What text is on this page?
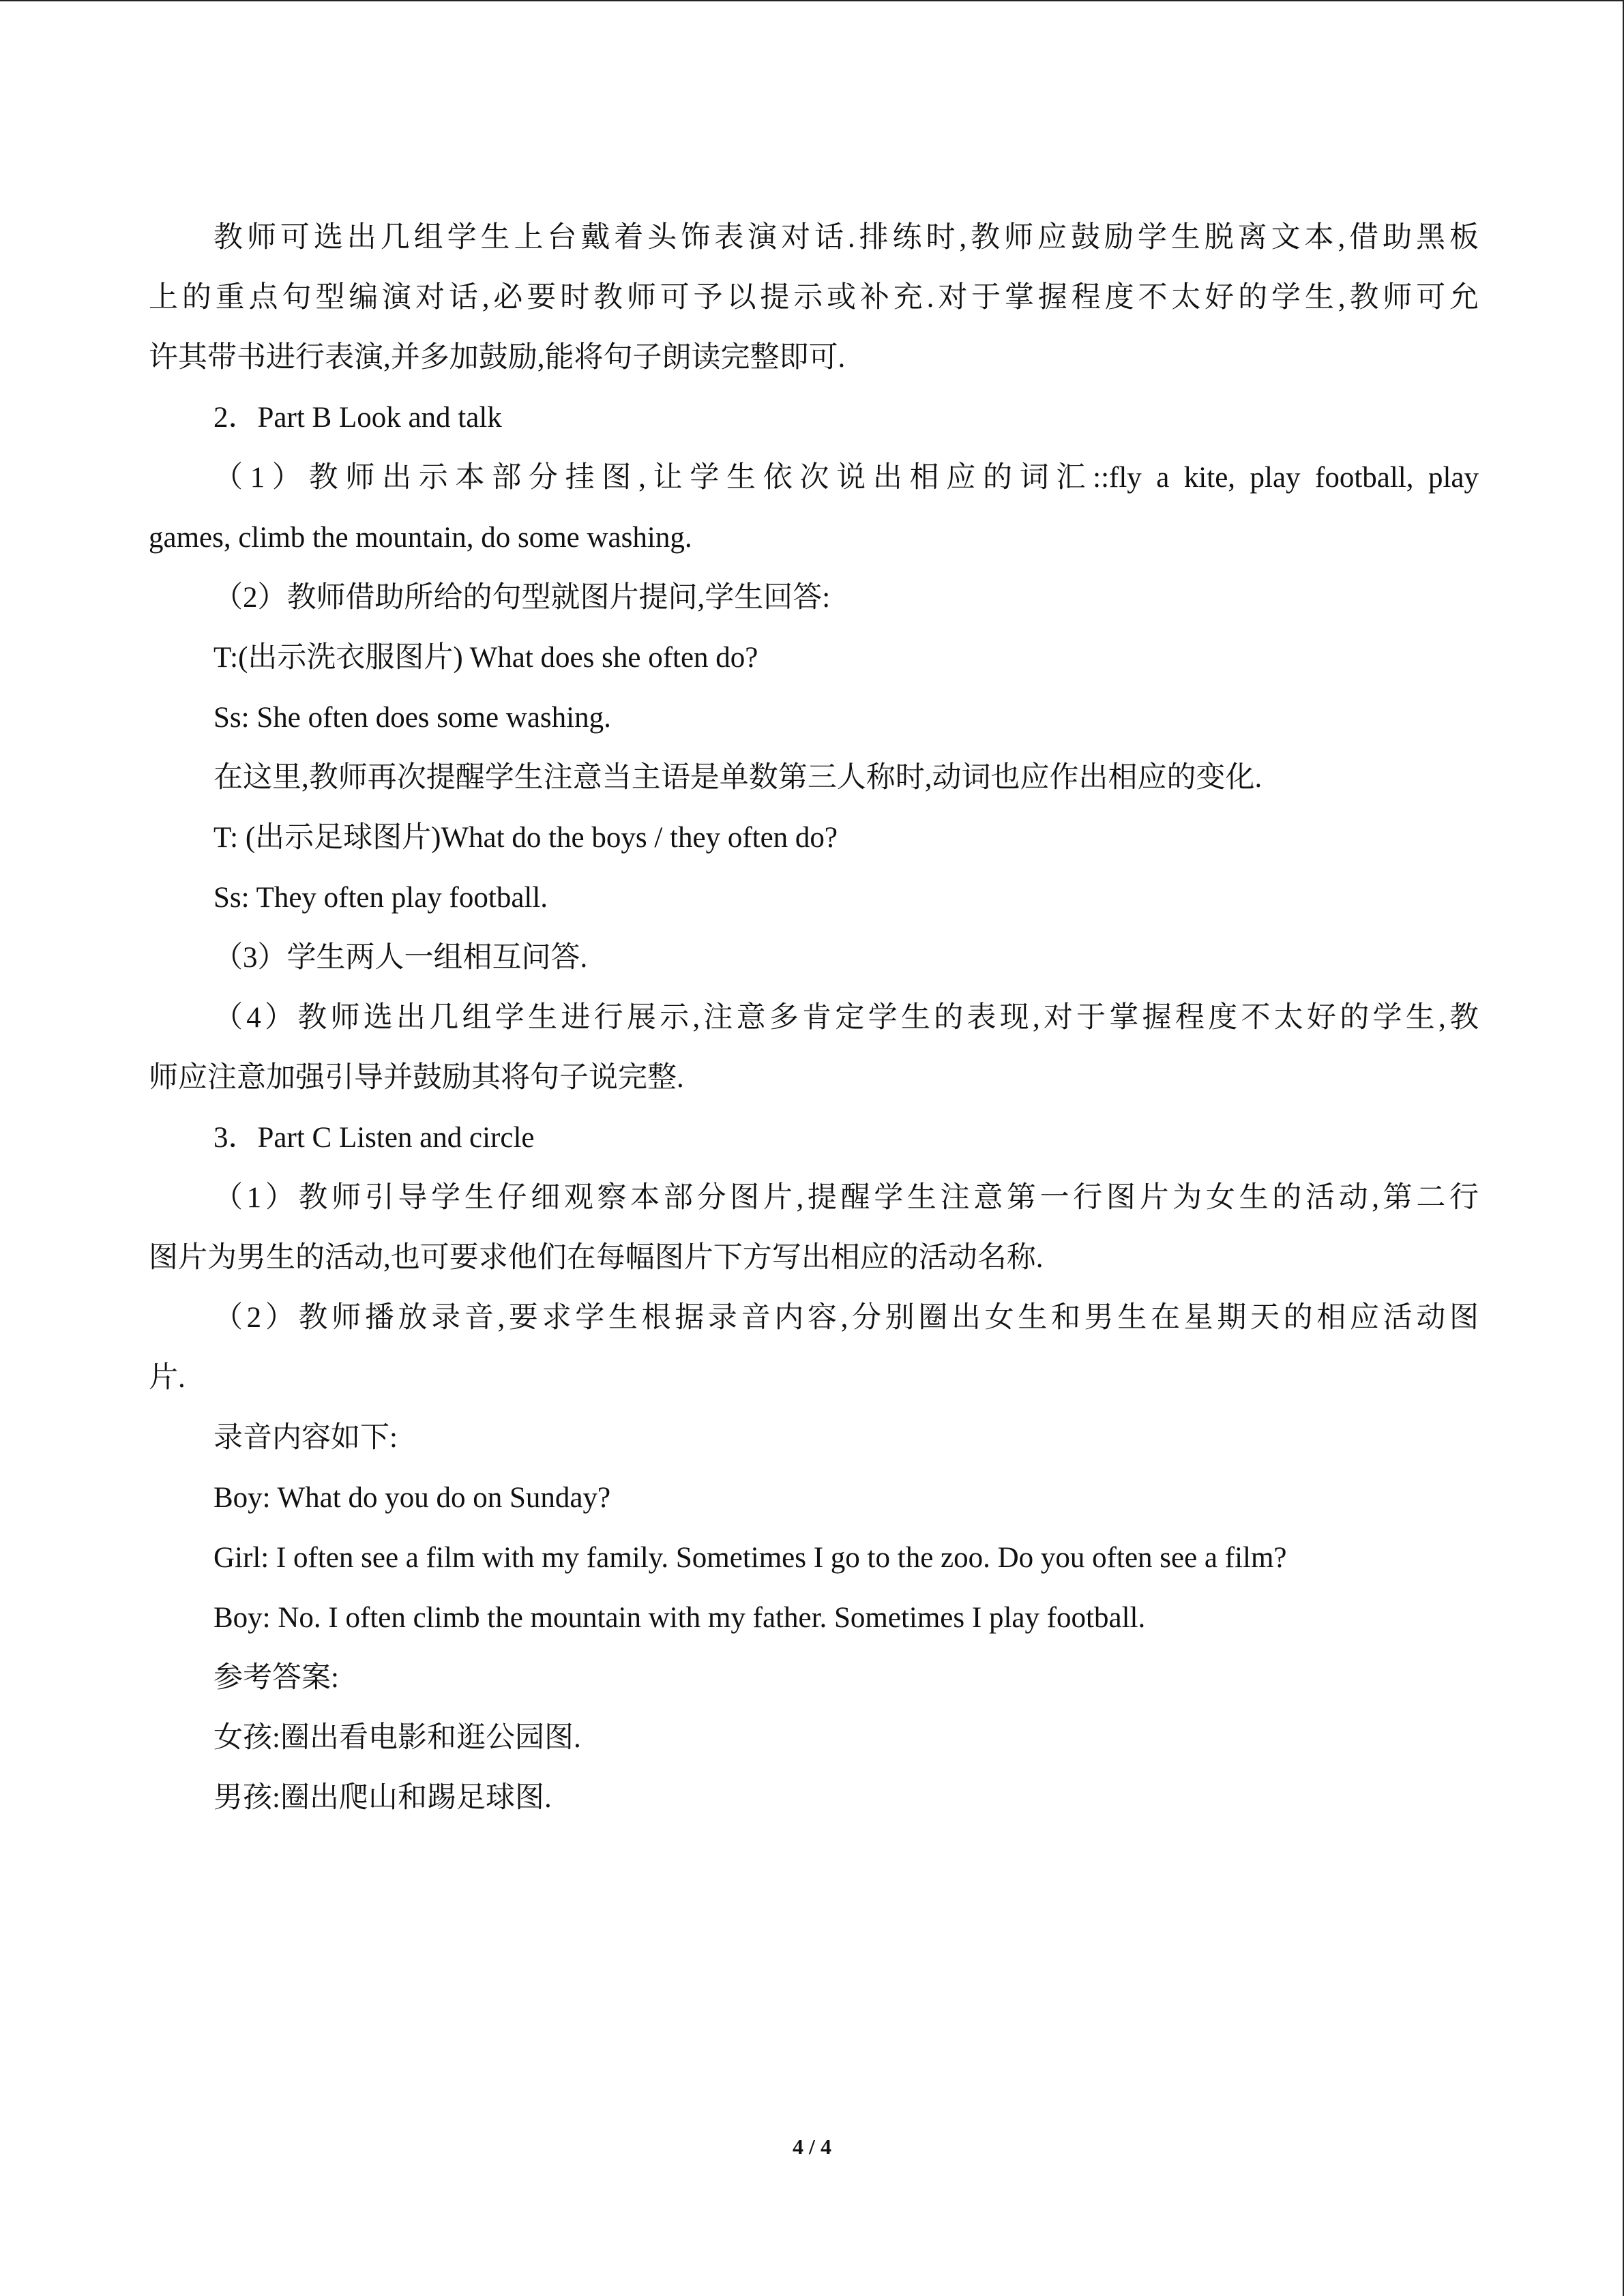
教师可选出几组学生上台戴着头饰表演对话.排练时,教师应鼓励学生脱离文本,借助黑板
上的重点句型编演对话,必要时教师可予以提示或补充.对于掌握程度不太好的学生,教师可允
许其带书进行表演,并多加鼓励,能将句子朗读完整即可.
2．Part B Look and talk
（1）教师出示本部分挂图,让学生依次说出相应的词汇::fly a kite, play football, play
games, climb the mountain, do some washing.
（2）教师借助所给的句型就图片提问,学生回答:
T:(出示洗衣服图片) What does she often do?
Ss: She often does some washing.
在这里,教师再次提醒学生注意当主语是单数第三人称时,动词也应作出相应的变化.
T: (出示足球图片)What do the boys / they often do?
Ss: They often play football.
（3）学生两人一组相互问答.
（4）教师选出几组学生进行展示,注意多肯定学生的表现,对于掌握程度不太好的学生,教
师应注意加强引导并鼓励其将句子说完整.
3．Part C Listen and circle
（1）教师引导学生仔细观察本部分图片,提醒学生注意第一行图片为女生的活动,第二行
图片为男生的活动,也可要求他们在每幅图片下方写出相应的活动名称.
（2）教师播放录音,要求学生根据录音内容,分别圈出女生和男生在星期天的相应活动图
片.
录音内容如下:
Boy: What do you do on Sunday?
Girl: I often see a film with my family. Sometimes I go to the zoo. Do you often see a film?
Boy: No. I often climb the mountain with my father. Sometimes I play football.
参考答案:
女孩:圈出看电影和逛公园图.
男孩:圈出爬山和踢足球图.
4 / 4
